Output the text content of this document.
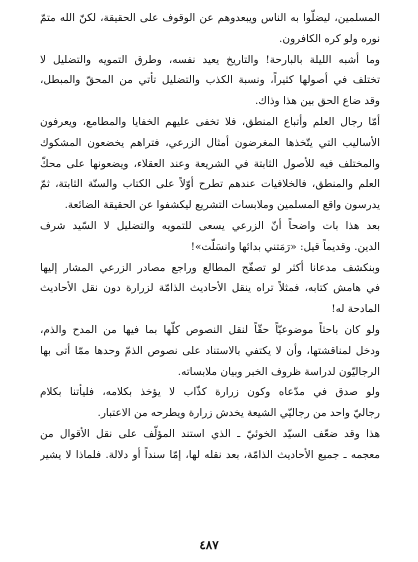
المسلمين، ليضلّوا به الناس ويبعدوهم عن الوقوف على الحقيقة، لكنّ الله متمّ
نوره ولو كره الكافرون.
وما أشبه الليلة بالبارحة! والتاريخ يعيد نفسه، وطرق التمويه والتضليل لا
تختلف في أصولها كثيراً، ونسبة الكذب والتضليل تأتي من المحقّ والمبطل،
وقد ضاع الحق بين هذا وذاك.
أمّا رجال العلم وأتباع المنطق، فلا تخفى عليهم الخفايا والمطامع، ويعرفون
الأساليب التي يتّخذها المغرضون أمثال الزرعي، فتراهم يخضعون المشكوك
والمختلف فيه للأصول الثابتة في الشريعة وعند العقلاء، ويضعونها على محكّ
العلم والمنطق، فالخلافيات عندهم تطرح أوّلاً على الكتاب والسنّة الثابتة، ثمّ
يدرسون واقع المسلمين وملابسات التشريع ليكشفوا عن الحقيقة الضائعة.
بعد هذا بات واضحاً أنّ الزرعي يسعى للتمويه والتضليل لا السّيد شرف
الدين. وقديماً قيل: «رَمَتني بدائها وانسَلّت»!
وبنكشف مدعانا أكثر لو تصفّح المطالع وراجع مصادر الزرعي المشار إليها
في هامش كتابه، فمثلاً تراه ينقل الأحاديث الذامّة لزرارة دون نقل الأحاديث
المادحة له!
ولو كان باحثاً موضوعيّاً حقّاً لنقل النصوص كلّها بما فيها من المدح والذم،
ودخل لمناقشتها، وأن لا يكتفي بالاستناد على نصوص الذمّ وحدها ممّا أتى بها
الرجاليّون لدراسة ظروف الخبر وبيان ملابساته.
ولو صدق في مدّعاه وكون زرارة كذّاب لا يؤخذ بكلامه، فليأتنا بكلام
رجاليّ واحد من رجاليّي الشيعة يخدش زرارة ويطرحه من الاعتبار.
هذا وقد ضعّف السيّد الخوئيّ ـ الذي استند المؤلّف على نقل الأقوال من
معجمه ـ جميع الأحاديث الذامّة، بعد نقله لها، إمّا سنداً أو دلالة. فلماذا لا يشير
٤٨٧
